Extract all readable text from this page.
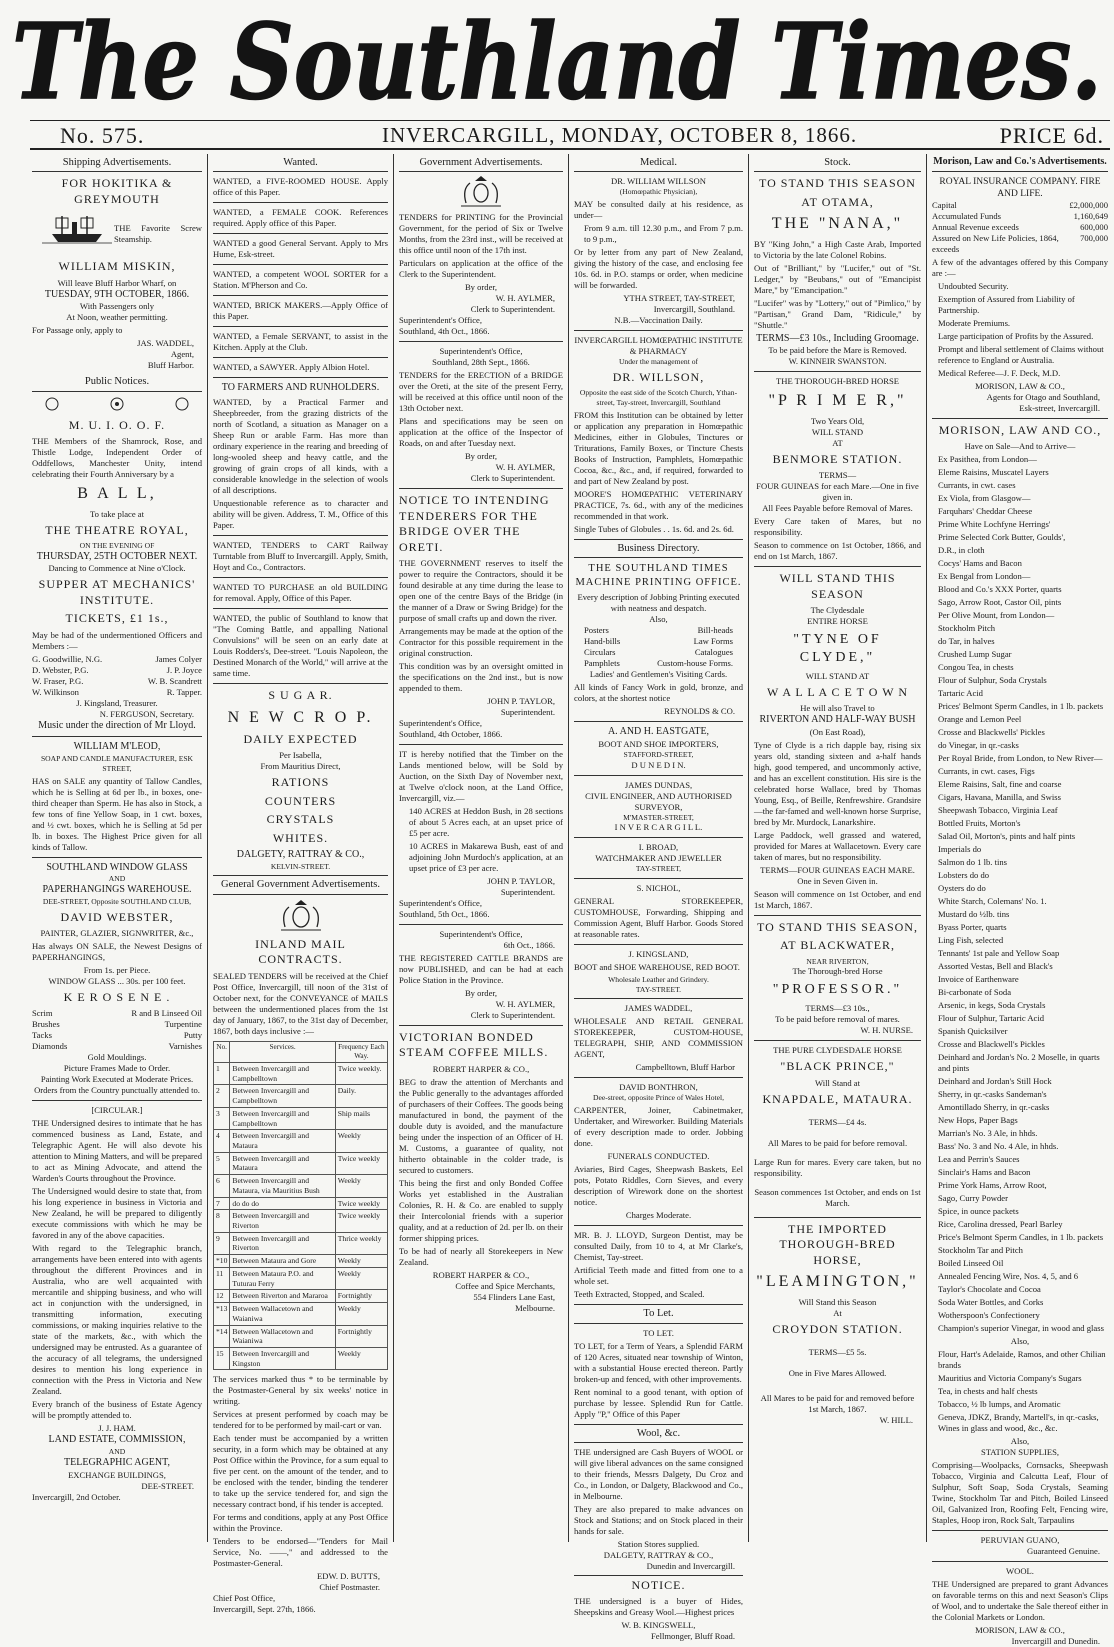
The Southland Times.
No. 575.	INVERCARGILL, MONDAY, OCTOBER 8, 1866.	PRICE 6d.
Shipping Advertisements.
FOR HOKITIKA & GREYMOUTH
THE Favorite Screw Steamship.
WILLIAM MISKIN,
Will leave Bluff Harbor Wharf, on
TUESDAY, 9TH OCTOBER, 1866.
With Passengers only
At Noon, weather permitting.
For Passage only, apply to
JAS. WADDEL,
Agent,
Bluff Harbor.
Public Notices.
M. U. I. O. O. F.
THE Members of the Shamrock, Rose, and Thistle Lodge, Independent Order of Oddfellows, Manchester Unity, intend celebrating their Fourth Anniversary by a
B A L L,
To take place at
THE THEATRE ROYAL,
ON THE EVENING OF
THURSDAY, 25TH OCTOBER NEXT.
Dancing to Commence at Nine o'Clock.
SUPPER AT MECHANICS' INSTITUTE.
TICKETS, £1 1s.,
May be had of the undermentioned Officers and Members :—
G. Goodwillie, N.G.	James Colyer
D. Webster, P.G.	J. P. Joyce
W. Fraser, P.G.	W. B. Scandrett
W. Wilkinson	R. Tapper.
J. Kingsland, Treasurer.
N. FERGUSON, Secretary.
Music under the direction of Mr Lloyd.
WILLIAM M'LEOD,
SOAP AND CANDLE MANUFACTURER, ESK STREET,
HAS on SALE any quantity of Tallow Candles, which he is Selling at 6d per lb., in boxes, one-third cheaper than Sperm. He has also in Stock, a few tons of fine Yellow Soap, in 1 cwt. boxes, and ½ cwt. boxes, which he is Selling at 5d per lb. in boxes. The Highest Price given for all kinds of Tallow.
SOUTHLAND WINDOW GLASS
AND
PAPERHANGINGS WAREHOUSE.
DEE-STREET, Opposite SOUTHLAND CLUB,
DAVID WEBSTER,
PAINTER, GLAZIER, SIGNWRITER, &c.,
Has always ON SALE, the Newest Designs of PAPERHANGINGS,
From 1s. per Piece.
WINDOW GLASS ... 30s. per 100 feet.
K E R O S E N E .
Scrim	R and B Linseed Oil
Brushes	Turpentine
Tacks	Putty
Diamonds	Varnishes
Gold Mouldings.
Picture Frames Made to Order.
Painting Work Executed at Moderate Prices.
Orders from the Country punctually attended to.
[CIRCULAR.]
THE Undersigned desires to intimate that he has commenced business as Land, Estate, and Telegraphic Agent. He will also devote his attention to Mining Matters, and will be prepared to act as Mining Advocate, and attend the Warden's Courts throughout the Province.
The Undersigned would desire to state that, from his long experience in business in Victoria and New Zealand, he will be prepared to diligently execute commissions with which he may be favored in any of the above capacities.
With regard to the Telegraphic branch, arrangements have been entered into with agents throughout the different Provinces and in Australia, who are well acquainted with mercantile and shipping business, and who will act in conjunction with the undersigned, in transmitting information, executing commissions, or making inquiries relative to the state of the markets, &c., with which the undersigned may be entrusted. As a guarantee of the accuracy of all telegrams, the undersigned desires to mention his long experience in connection with the Press in Victoria and New Zealand.
Every branch of the business of Estate Agency will be promptly attended to.
J. J. HAM.
LAND ESTATE, COMMISSION,
AND
TELEGRAPHIC AGENT,
EXCHANGE BUILDINGS,
DEE-STREET.
Invercargill, 2nd October.
Wanted.
WANTED, a FIVE-ROOMED HOUSE. Apply office of this Paper.
WANTED, a FEMALE COOK. References required. Apply office of this Paper.
WANTED a good General Servant. Apply to Mrs Hume, Esk-street.
WANTED, a competent WOOL SORTER for a Station. M'Pherson and Co.
WANTED, BRICK MAKERS.—Apply Office of this Paper.
WANTED, a Female SERVANT, to assist in the Kitchen. Apply at the Club.
WANTED, a SAWYER. Apply Albion Hotel.
TO FARMERS AND RUNHOLDERS.
WANTED, by a Practical Farmer and Sheepbreeder, from the grazing districts of the north of Scotland, a situation as Manager on a Sheep Run or arable Farm. Has more than ordinary experience in the rearing and breeding of long-wooled sheep and heavy cattle, and the growing of grain crops of all kinds, with a considerable knowledge in the selection of wools of all descriptions.
Unquestionable reference as to character and ability will be given. Address, T. M., Office of this Paper.
WANTED, TENDERS to CART Railway Turntable from Bluff to Invercargill. Apply, Smith, Hoyt and Co., Contractors.
WANTED TO PURCHASE an old BUILDING for removal. Apply, Office of this Paper.
WANTED, the public of Southland to know that "The Coming Battle, and appalling National Convulsions" will be seen on an early date at Louis Rodders's, Dee-street. "Louis Napoleon, the Destined Monarch of the World," will arrive at the same time.
S U G A R.
N E W C R O P.
DAILY EXPECTED
Per Isabella,
From Mauritius Direct,
RATIONS
COUNTERS
CRYSTALS
WHITES.
DALGETY, RATTRAY & CO.,
KELVIN-STREET.
General Government Advertisements.
INLAND MAIL CONTRACTS.
SEALED TENDERS will be received at the Chief Post Office, Invercargill, till noon of the 31st of October next, for the CONVEYANCE of MAILS between the undermentioned places from the 1st day of January, 1867, to the 31st day of December, 1867, both days inclusive :—
No.	Services.	Frequency Each Way.
1	Between Invercargill and Campbelltown	Twice weekly.
2	Between Invercargill and Campbelltown	Daily.
3	Between Invercargill and Campbelltown	Ship mails
4	Between Invercargill and Mataura	Weekly
5	Between Invercargill and Mataura	Twice weekly
6	Between Invercargill and Mataura, via Mauritius Bush	Weekly
7	do do do	Twice weekly
8	Between Invercargill and Riverton	Twice weekly
9	Between Invercargill and Riverton	Thrice weekly
*10	Between Mataura and Gore	Weekly
11	Between Mataura P.O. and Tuturau Ferry	Weekly
12	Between Riverton and Mararoa	Fortnightly
*13	Between Wallacetown and Waianiwa	Weekly
*14	Between Wallacetown and Waianiwa	Fortnightly
15	Between Invercargill and Kingston	Weekly
The services marked thus * to be terminable by the Postmaster-General by six weeks' notice in writing.
Services at present performed by coach may be tendered for to be performed by mail-cart or van.
Each tender must be accompanied by a written security, in a form which may be obtained at any Post Office within the Province, for a sum equal to five per cent. on the amount of the tender, and to be enclosed with the tender, binding the tenderer to take up the service tendered for, and sign the necessary contract bond, if his tender is accepted.
For terms and conditions, apply at any Post Office within the Province.
Tenders to be endorsed—"Tenders for Mail Service, No. ——," and addressed to the Postmaster-General.
EDW. D. BUTTS,
Chief Postmaster.
Chief Post Office,
Invercargill, Sept. 27th, 1866.
Government Advertisements.
TENDERS for PRINTING for the Provincial Government, for the period of Six or Twelve Months, from the 23rd inst., will be received at this office until noon of the 17th inst.
Particulars on application at the office of the Clerk to the Superintendent.
By order,
W. H. AYLMER,
Clerk to Superintendent.
Superintendent's Office,
Southland, 4th Oct., 1866.
Superintendent's Office,
Southland, 28th Sept., 1866.
TENDERS for the ERECTION of a BRIDGE over the Oreti, at the site of the present Ferry, will be received at this office until noon of the 13th October next.
Plans and specifications may be seen on application at the office of the Inspector of Roads, on and after Tuesday next.
By order,
W. H. AYLMER,
Clerk to Superintendent.
NOTICE TO INTENDING TENDERERS FOR THE BRIDGE OVER THE ORETI.
THE GOVERNMENT reserves to itself the power to require the Contractors, should it be found desirable at any time during the lease to open one of the centre Bays of the Bridge (in the manner of a Draw or Swing Bridge) for the purpose of small crafts up and down the river.
Arrangements may be made at the option of the Contractor for this possible requirement in the original construction.
This condition was by an oversight omitted in the specifications on the 2nd inst., but is now appended to them.
JOHN P. TAYLOR,
Superintendent.
Superintendent's Office,
Southland, 4th October, 1866.
IT is hereby notified that the Timber on the Lands mentioned below, will be Sold by Auction, on the Sixth Day of November next, at Twelve o'clock noon, at the Land Office, Invercargill, viz.—
140 ACRES at Heddon Bush, in 28 sections of about 5 Acres each, at an upset price of £5 per acre.
10 ACRES in Makarewa Bush, east of and adjoining John Murdoch's application, at an upset price of £3 per acre.
JOHN P. TAYLOR,
Superintendent.
Superintendent's Office,
Southland, 5th Oct., 1866.
Superintendent's Office,
6th Oct., 1866.
THE REGISTERED CATTLE BRANDS are now PUBLISHED, and can be had at each Police Station in the Province.
By order,
W. H. AYLMER,
Clerk to Superintendent.
VICTORIAN BONDED STEAM COFFEE MILLS.
ROBERT HARPER & CO.,
BEG to draw the attention of Merchants and the Public generally to the advantages afforded of purchasers of their Coffees. The goods being manufactured in bond, the payment of the double duty is avoided, and the manufacture being under the inspection of an Officer of H. M. Customs, a guarantee of quality, not hitherto obtainable in the colder trade, is secured to customers.
This being the first and only Bonded Coffee Works yet established in the Australian Colonies, R. H. & Co. are enabled to supply their Intercolonial friends with a superior quality, and at a reduction of 2d. per lb. on their former shipping prices.
To be had of nearly all Storekeepers in New Zealand.
ROBERT HARPER & CO.,
Coffee and Spice Merchants,
554 Flinders Lane East,
Melbourne.
Medical.
DR. WILLIAM WILLSON
(Homœpathic Physician),
MAY be consulted daily at his residence, as under—
From 9 a.m. till 12.30 p.m., and From 7 p.m. to 9 p.m.,
Or by letter from any part of New Zealand, giving the history of the case, and enclosing fee 10s. 6d. in P.O. stamps or order, when medicine will be forwarded.
YTHA STREET, TAY-STREET,
Invercargill, Southland.
N.B.—Vaccination Daily.
INVERCARGILL HOMŒPATHIC INSTITUTE & PHARMACY
Under the management of
DR. WILLSON,
Opposite the east side of the Scotch Church, Ythan-street, Tay-street, Invercargill, Southland
FROM this Institution can be obtained by letter or application any preparation in Homœpathic Medicines, either in Globules, Tinctures or Triturations, Family Boxes, or Tincture Chests Books of Instruction, Pamphlets, Homœpathic Cocoa, &c., &c., and, if required, forwarded to and part of New Zealand by post.
MOORE'S HOMŒPATHIC VETERINARY PRACTICE, 7s. 6d., with any of the medicines recommended in that work.
Single Tubes of Globules . . 1s. 6d. and 2s. 6d.
Business Directory.
THE SOUTHLAND TIMES MACHINE PRINTING OFFICE.
Every description of Jobbing Printing executed with neatness and despatch.
Also,
Posters	Bill-heads
Hand-bills	Law Forms
Circulars	Catalogues
Pamphlets	Custom-house Forms.
Ladies' and Gentlemen's Visiting Cards.
All kinds of Fancy Work in gold, bronze, and colors, at the shortest notice
REYNOLDS & CO.
A. AND H. EASTGATE,
BOOT AND SHOE IMPORTERS,
STAFFORD-STREET,
D U N E D I N.
JAMES DUNDAS,
CIVIL ENGINEER, AND AUTHORISED SURVEYOR,
M'MASTER-STREET,
I N V E R C A R G I L L.
I. BROAD,
WATCHMAKER AND JEWELLER
TAY-STREET,
S. NICHOL,
GENERAL STOREKEEPER, CUSTOMHOUSE, Forwarding, Shipping and Commission Agent, Bluff Harbor. Goods Stored at reasonable rates.
J. KINGSLAND,
BOOT and SHOE WAREHOUSE, RED BOOT.
Wholesale Leather and Grindery.
TAY-STREET.
JAMES WADDEL,
WHOLESALE AND RETAIL GENERAL STOREKEEPER, CUSTOM-HOUSE, TELEGRAPH, SHIP, AND COMMISSION AGENT,
Campbelltown, Bluff Harbor
DAVID BONTHRON,
Dee-street, opposite Prince of Wales Hotel,
CARPENTER, Joiner, Cabinetmaker, Undertaker, and Wireworker. Building Materials of every description made to order. Jobbing done.
FUNERALS CONDUCTED.
Aviaries, Bird Cages, Sheepwash Baskets, Eel pots, Potato Riddles, Corn Sieves, and every description of Wirework done on the shortest notice.
Charges Moderate.
MR. B. J. LLOYD, Surgeon Dentist, may be consulted Daily, from 10 to 4, at Mr Clarke's, Chemist, Tay-street.
Artificial Teeth made and fitted from one to a whole set.
Teeth Extracted, Stopped, and Scaled.
To Let.
TO LET.
TO LET, for a Term of Years, a Splendid FARM of 120 Acres, situated near township of Winton, with a substantial House erected thereon. Partly broken-up and fenced, with other improvements.
Rent nominal to a good tenant, with option of purchase by lessee. Splendid Run for Cattle. Apply "P," Office of this Paper
Wool, &c.
THE undersigned are Cash Buyers of WOOL or will give liberal advances on the same consigned to their friends, Messrs Dalgety, Du Croz and Co., in London, or Dalgety, Blackwood and Co., in Melbourne.
They are also prepared to make advances on Stock and Stations; and on Stock placed in their hands for sale.
Station Stores supplied.
DALGETY, RATTRAY & CO.,
Dunedin and Invercargill.
NOTICE.
THE undersigned is a buyer of Hides, Sheepskins and Greasy Wool.—Highest prices
W. B. KINGSWELL,
Fellmonger, Bluff Road.
Stock.
TO STAND THIS SEASON
AT OTAMA,
THE "NANA,"
BY "King John," a High Caste Arab, Imported to Victoria by the late Colonel Robins.
Out of "Brilliant," by "Lucifer," out of "St. Ledger," by "Beubans," out of "Emancipist Mare," by "Emancipation."
"Lucifer" was by "Lottery," out of "Pimlico," by "Partisan," Grand Dam, "Ridicule," by "Shuttle."
TERMS—£3 10s., Including Groomage.
To be paid before the Mare is Removed.
W. KINNEIR SWANSTON.
THE THOROUGH-BRED HORSE
"P R I M E R,"
Two Years Old,
WILL STAND
AT
BENMORE STATION.
TERMS—
FOUR GUINEAS for each Mare.—One in five given in.
All Fees Payable before Removal of Mares.
Every Care taken of Mares, but no responsibility.
Season to commence on 1st October, 1866, and end on 1st March, 1867.
WILL STAND THIS SEASON
The Clydesdale
ENTIRE HORSE
"TYNE OF CLYDE,"
WILL STAND AT
W A L L A C E T O W N
He will also Travel to
RIVERTON AND HALF-WAY BUSH
(On East Road),
Tyne of Clyde is a rich dapple bay, rising six years old, standing sixteen and a-half hands high, good tempered, and uncommonly active, and has an excellent constitution. His sire is the celebrated horse Wallace, bred by Thomas Young, Esq., of Beille, Renfrewshire. Grandsire—the far-famed and well-known horse Surprise, bred by Mr. Murdock, Lanarkshire.
Large Paddock, well grassed and watered, provided for Mares at Wallacetown. Every care taken of mares, but no responsibility.
TERMS—FOUR GUINEAS EACH MARE.
One in Seven Given in.
Season will commence on 1st October, and end 1st March, 1867.
TO STAND THIS SEASON,
AT BLACKWATER,
NEAR RIVERTON,
The Thorough-bred Horse
"PROFESSOR."
TERMS—£3 10s.,
To be paid before removal of mares.
W. H. NURSE.
THE PURE CLYDESDALE HORSE
"BLACK PRINCE,"
Will Stand at
KNAPDALE, MATAURA.
TERMS—£4 4s.
All Mares to be paid for before removal.
Large Run for mares. Every care taken, but no responsibility.
Season commences 1st October, and ends on 1st March.
THE IMPORTED THOROUGH-BRED HORSE,
"LEAMINGTON,"
Will Stand this Season
At
CROYDON STATION.
TERMS—£5 5s.
One in Five Mares Allowed.
All Mares to be paid for and removed before
1st March, 1867.
W. HILL.
Morison, Law and Co.'s Advertisements.
ROYAL INSURANCE COMPANY. FIRE AND LIFE.
Capital	£2,000,000
Accumulated Funds	1,160,649
Annual Revenue exceeds	600,000
Assured on New Life Policies, 1864, exceeds
700,000
A few of the advantages offered by this Company are :—
Undoubted Security.
Exemption of Assured from Liability of Partnership.
Moderate Premiums.
Large participation of Profits by the Assured.
Prompt and liberal settlement of Claims without reference to England or Australia.
Medical Referee—J. F. Deck, M.D.
MORISON, LAW & CO.,
Agents for Otago and Southland,
Esk-street, Invercargill.
MORISON, LAW AND CO.,
Have on Sale—And to Arrive—
Ex Pasithea, from London—
Eleme Raisins, Muscatel Layers
Currants, in cwt. cases
Ex Viola, from Glasgow—
Farquhars' Cheddar Cheese
Prime White Lochfyne Herrings'
Prime Selected Cork Butter, Goulds',
D.R., in cloth
Cocys' Hams and Bacon
Ex Bengal from London—
Blood and Co.'s XXX Porter, quarts
Sago, Arrow Root, Castor Oil, pints
Per Olive Mount, from London—
Stockholm Pitch
do Tar, in halves
Crushed Lump Sugar
Congou Tea, in chests
Flour of Sulphur, Soda Crystals
Tartaric Acid
Prices' Belmont Sperm Candles, in 1 lb. packets
Orange and Lemon Peel
Crosse and Blackwells' Pickles
do Vinegar, in qr.-casks
Per Royal Bride, from London, to New River—
Currants, in cwt. cases, Figs
Eleme Raisins, Salt, fine and coarse
Cigars, Havana, Manilla, and Swiss
Sheepwash Tobacco, Virginia Leaf
Bottled Fruits, Morton's
Salad Oil, Morton's, pints and half pints
Imperials do
Salmon do 1 lb. tins
Lobsters do do
Oysters do do
White Starch, Colemans' No. 1.
Mustard do ½lb. tins
Byass Porter, quarts
Ling Fish, selected
Tennants' 1st pale and Yellow Soap
Assorted Vestas, Bell and Black's
Invoice of Earthenware
Bi-carbonate of Soda
Arsenic, in kegs, Soda Crystals
Flour of Sulphur, Tartaric Acid
Spanish Quicksilver
Crosse and Blackwell's Pickles
Deinhard and Jordan's No. 2 Moselle, in quarts and pints
Deinhard and Jordan's Still Hock
Sherry, in qr.-casks Sandeman's
Amontillado Sherry, in qr.-casks
New Hops, Paper Bags
Marrian's No. 3 Ale, in hhds.
Bass' No. 3 and No. 4 Ale, in hhds.
Lea and Perrin's Sauces
Sinclair's Hams and Bacon
Prime York Hams, Arrow Root,
Sago, Curry Powder
Spice, in ounce packets
Rice, Carolina dressed, Pearl Barley
Price's Belmont Sperm Candles, in 1 lb. packets
Stockholm Tar and Pitch
Boiled Linseed Oil
Annealed Fencing Wire, Nos. 4, 5, and 6
Taylor's Chocolate and Cocoa
Soda Water Bottles, and Corks
Wotherspoon's Confectionery
Champion's superior Vinegar, in wood and glass
Also,
Flour, Hart's Adelaide, Ramos, and other Chilian brands
Mauritius and Victoria Company's Sugars
Tea, in chests and half chests
Tobacco, ½ lb lumps, and Aromatic
Geneva, JDKZ, Brandy, Martell's, in qr.-casks, Wines in glass and wood, &c., &c.
Also,
STATION SUPPLIES,
Comprising—Woolpacks, Cornsacks, Sheepwash Tobacco, Virginia and Calcutta Leaf, Flour of Sulphur, Soft Soap, Soda Crystals, Seaming Twine, Stockholm Tar and Pitch, Boiled Linseed Oil, Galvanized Iron, Roofing Felt, Fencing wire, Staples, Hoop iron, Rock Salt, Tarpaulins
PERUVIAN GUANO,
Guaranteed Genuine.
WOOL.
THE Undersigned are prepared to grant Advances on favorable terms on this and next Season's Clips of Wool, and to undertake the Sale thereof either in the Colonial Markets or London.
MORISON, LAW & CO.,
Invercargill and Dunedin.
